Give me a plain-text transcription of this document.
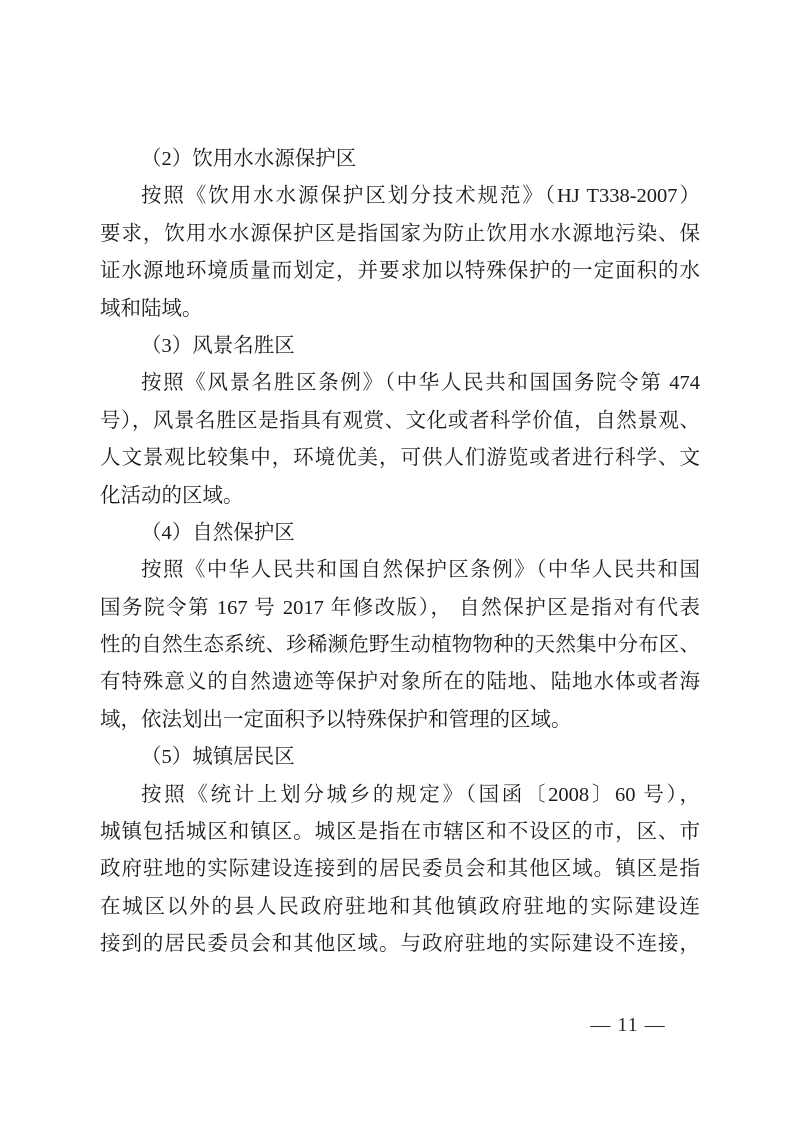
（2）饮用水水源保护区
按照《饮用水水源保护区划分技术规范》（HJ T338-2007）
要求，饮用水水源保护区是指国家为防止饮用水水源地污染、保
证水源地环境质量而划定，并要求加以特殊保护的一定面积的水
域和陆域。
（3）风景名胜区
按照《风景名胜区条例》（中华人民共和国国务院令第 474
号），风景名胜区是指具有观赏、文化或者科学价值，自然景观、
人文景观比较集中，环境优美，可供人们游览或者进行科学、文
化活动的区域。
（4）自然保护区
按照《中华人民共和国自然保护区条例》（中华人民共和国
国务院令第 167 号 2017 年修改版）， 自然保护区是指对有代表
性的自然生态系统、珍稀濒危野生动植物物种的天然集中分布区、
有特殊意义的自然遗迹等保护对象所在的陆地、陆地水体或者海
域，依法划出一定面积予以特殊保护和管理的区域。
（5）城镇居民区
按照《统计上划分城乡的规定》（国函〔2008〕60 号），
城镇包括城区和镇区。城区是指在市辖区和不设区的市，区、市
政府驻地的实际建设连接到的居民委员会和其他区域。镇区是指
在城区以外的县人民政府驻地和其他镇政府驻地的实际建设连
接到的居民委员会和其他区域。与政府驻地的实际建设不连接，
— 11 —
